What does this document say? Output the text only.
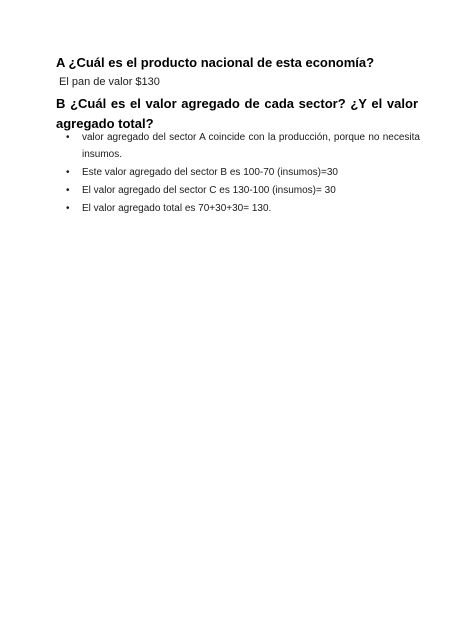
A ¿Cuál es el producto nacional de esta economía?

El pan de valor $130

B ¿Cuál es el valor agregado de cada sector? ¿Y el valor agregado total?

• valor agregado del sector A coincide con la producción, porque no necesita insumos.
• Este valor agregado del sector B es 100-70 (insumos)=30
• El valor agregado del sector C es 130-100 (insumos)= 30
• El valor agregado total es 70+30+30= 130.
